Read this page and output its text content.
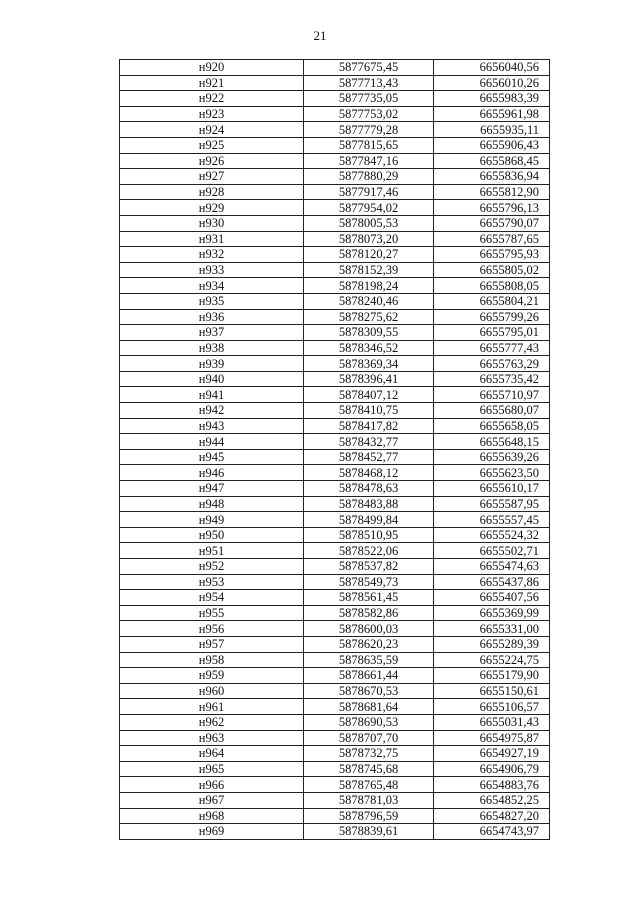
21
н920	5877675,45	6656040,56
н921	5877713,43	6656010,26
н922	5877735,05	6655983,39
н923	5877753,02	6655961,98
н924	5877779,28	6655935,11
н925	5877815,65	6655906,43
н926	5877847,16	6655868,45
н927	5877880,29	6655836,94
н928	5877917,46	6655812,90
н929	5877954,02	6655796,13
н930	5878005,53	6655790,07
н931	5878073,20	6655787,65
н932	5878120,27	6655795,93
н933	5878152,39	6655805,02
н934	5878198,24	6655808,05
н935	5878240,46	6655804,21
н936	5878275,62	6655799,26
н937	5878309,55	6655795,01
н938	5878346,52	6655777,43
н939	5878369,34	6655763,29
н940	5878396,41	6655735,42
н941	5878407,12	6655710,97
н942	5878410,75	6655680,07
н943	5878417,82	6655658,05
н944	5878432,77	6655648,15
н945	5878452,77	6655639,26
н946	5878468,12	6655623,50
н947	5878478,63	6655610,17
н948	5878483,88	6655587,95
н949	5878499,84	6655557,45
н950	5878510,95	6655524,32
н951	5878522,06	6655502,71
н952	5878537,82	6655474,63
н953	5878549,73	6655437,86
н954	5878561,45	6655407,56
н955	5878582,86	6655369,99
н956	5878600,03	6655331,00
н957	5878620,23	6655289,39
н958	5878635,59	6655224,75
н959	5878661,44	6655179,90
н960	5878670,53	6655150,61
н961	5878681,64	6655106,57
н962	5878690,53	6655031,43
н963	5878707,70	6654975,87
н964	5878732,75	6654927,19
н965	5878745,68	6654906,79
н966	5878765,48	6654883,76
н967	5878781,03	6654852,25
н968	5878796,59	6654827,20
н969	5878839,61	6654743,97
